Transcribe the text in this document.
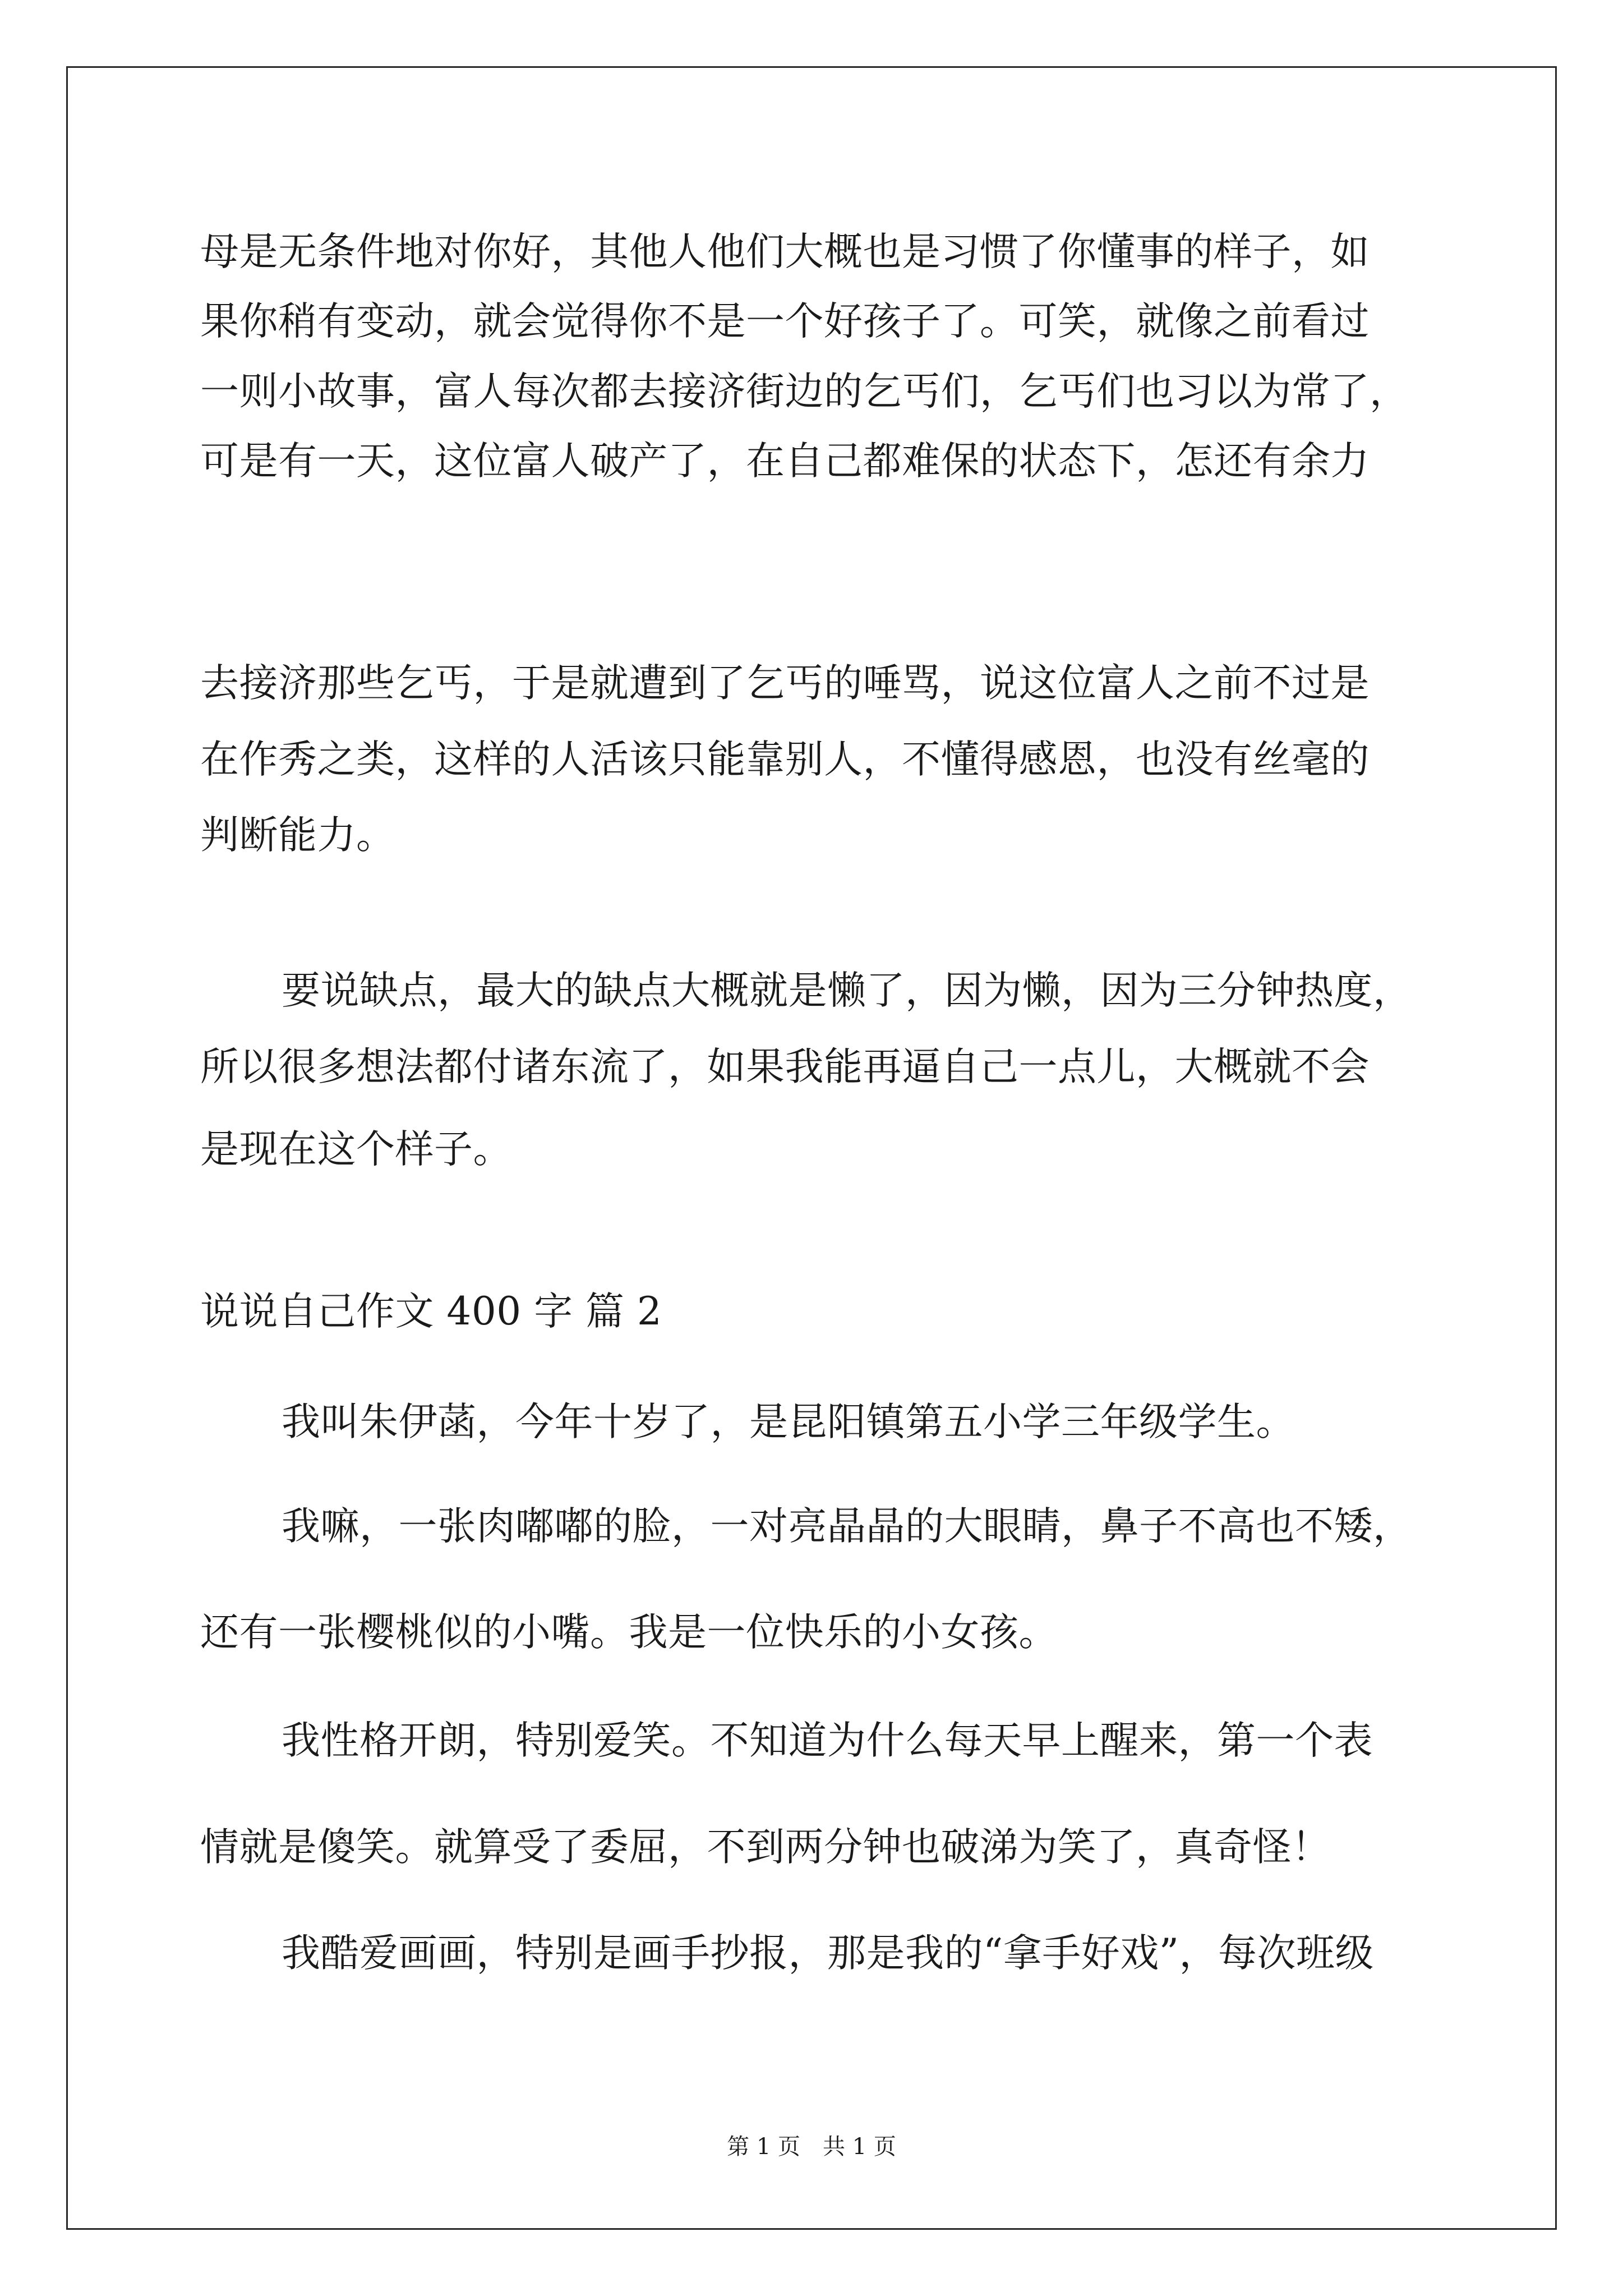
母是无条件地对你好，其他人他们大概也是习惯了你懂事的样子，如
果你稍有变动，就会觉得你不是一个好孩子了。可笑，就像之前看过
一则小故事，富人每次都去接济街边的乞丐们，乞丐们也习以为常了，
可是有一天，这位富人破产了，在自己都难保的状态下，怎还有余力
去接济那些乞丐，于是就遭到了乞丐的唾骂，说这位富人之前不过是
在作秀之类，这样的人活该只能靠别人，不懂得感恩，也没有丝毫的
判断能力。
要说缺点，最大的缺点大概就是懒了，因为懒，因为三分钟热度，
所以很多想法都付诸东流了，如果我能再逼自己一点儿，大概就不会
是现在这个样子。
说说自己作文 400 字 篇 2
我叫朱伊菡，今年十岁了，是昆阳镇第五小学三年级学生。
我嘛，一张肉嘟嘟的脸，一对亮晶晶的大眼睛，鼻子不高也不矮，
还有一张樱桃似的小嘴。我是一位快乐的小女孩。
我性格开朗，特别爱笑。不知道为什么每天早上醒来，第一个表
情就是傻笑。就算受了委屈，不到两分钟也破涕为笑了，真奇怪！
我酷爱画画，特别是画手抄报，那是我的“拿手好戏”，每次班级
第 1 页　共 1 页
